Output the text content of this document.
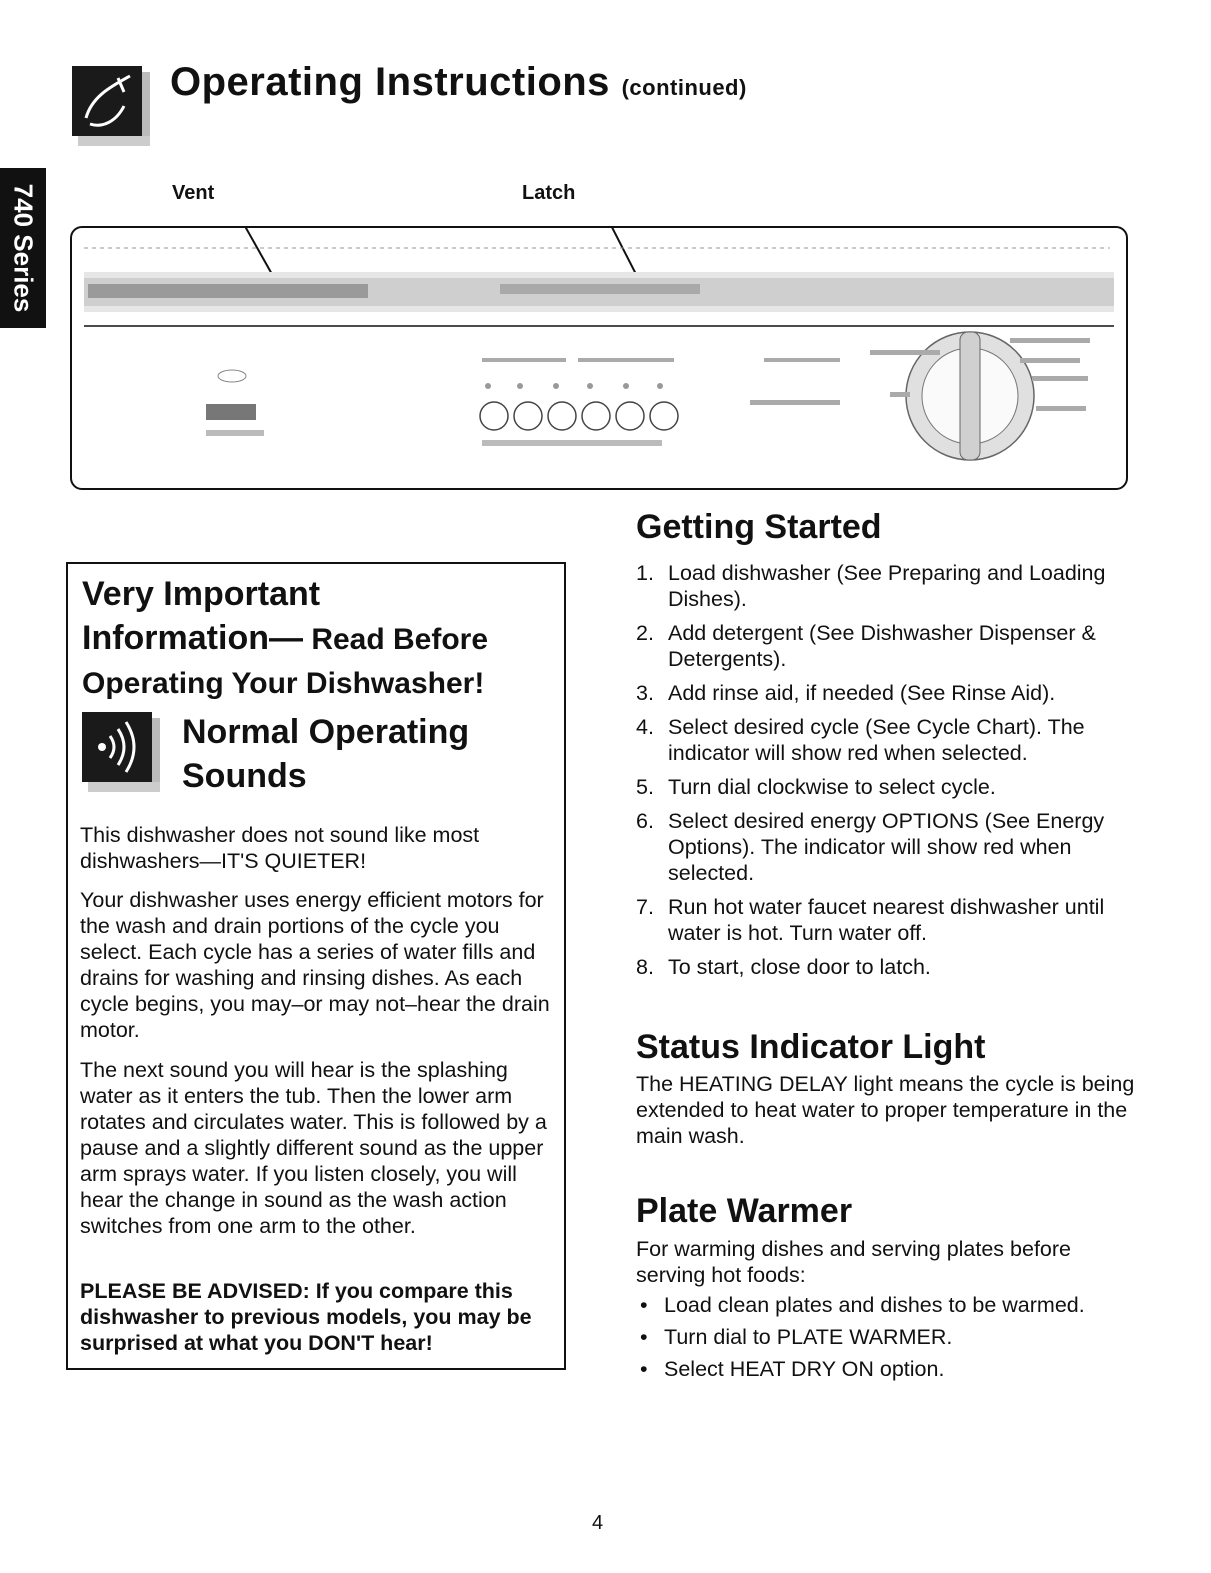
Operating Instructions (continued)
740 Series	Vent	Latch
Very Important
Information— Read Before
Operating Your Dishwasher!
Normal Operating
Sounds
This dishwasher does not sound like most dishwashers—IT'S QUIETER!
Your dishwasher uses energy efficient motors for the wash and drain portions of the cycle you select. Each cycle has a series of water fills and drains for washing and rinsing dishes. As each cycle begins, you may–or may not–hear the drain motor.
The next sound you will hear is the splashing water as it enters the tub. Then the lower arm rotates and circulates water. This is followed by a pause and a slightly different sound as the upper arm sprays water. If you listen closely, you will hear the change in sound as the wash action switches from one arm to the other.
PLEASE BE ADVISED: If you compare this dishwasher to previous models, you may be surprised at what you DON'T hear!
Getting Started
1. Load dishwasher (See Preparing and Loading Dishes).
2. Add detergent (See Dishwasher Dispenser & Detergents).
3. Add rinse aid, if needed (See Rinse Aid).
4. Select desired cycle (See Cycle Chart). The indicator will show red when selected.
5. Turn dial clockwise to select cycle.
6. Select desired energy OPTIONS (See Energy Options). The indicator will show red when selected.
7. Run hot water faucet nearest dishwasher until water is hot. Turn water off.
8. To start, close door to latch.
Status Indicator Light
The HEATING DELAY light means the cycle is being extended to heat water to proper temperature in the main wash.
Plate Warmer
For warming dishes and serving plates before serving hot foods:
• Load clean plates and dishes to be warmed.
• Turn dial to PLATE WARMER.
• Select HEAT DRY ON option.
4
